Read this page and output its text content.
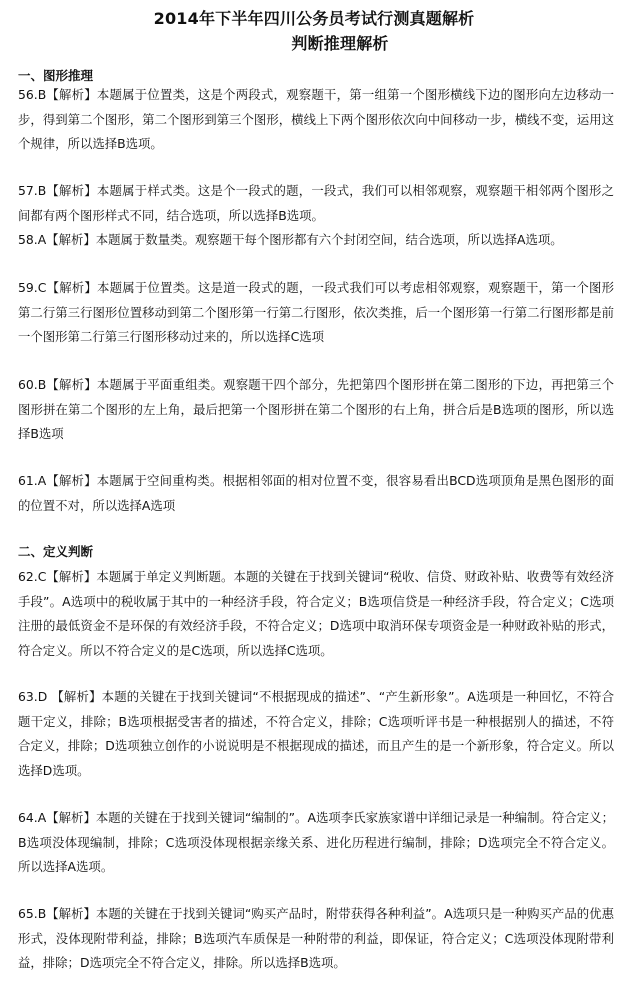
2014年下半年四川公务员考试行测真题解析
判断推理解析
一、图形推理

56.B【解析】本题属于位置类，这是个两段式，观察题干，第一组第一个图形横线下边的图形向左边移动一步，得到第二个图形，第二个图形到第三个图形，横线上下两个图形依次向中间移动一步，横线不变，运用这个规律，所以选择B选项。

57.B【解析】本题属于样式类。这是个一段式的题，一段式，我们可以相邻观察，观察题干相邻两个图形之间都有两个图形样式不同，结合选项，所以选择B选项。

58.A【解析】本题属于数量类。观察题干每个图形都有六个封闭空间，结合选项，所以选择A选项。

59.C【解析】本题属于位置类。这是道一段式的题，一段式我们可以考虑相邻观察，观察题干，第一个图形第二行第三行图形位置移动到第二个图形第一行第二行图形，依次类推，后一个图形第一行第二行图形都是前一个图形第二行第三行图形移动过来的，所以选择C选项

60.B【解析】本题属于平面重组类。观察题干四个部分，先把第四个图形拼在第二图形的下边，再把第三个图形拼在第二个图形的左上角，最后把第一个图形拼在第二个图形的右上角，拼合后是B选项的图形，所以选择B选项

61.A【解析】本题属于空间重构类。根据相邻面的相对位置不变，很容易看出BCD选项顶角是黑色图形的面的位置不对，所以选择A选项

二、定义判断

62.C【解析】本题属于单定义判断题。本题的关键在于找到关键词“税收、信贷、财政补贴、收费等有效经济手段”。A选项中的税收属于其中的一种经济手段，符合定义；B选项信贷是一种经济手段，符合定义；C选项注册的最低资金不是环保的有效经济手段，不符合定义；D选项中取消环保专项资金是一种财政补贴的形式，符合定义。所以不符合定义的是C选项，所以选择C选项。

63.D 【解析】本题的关键在于找到关键词“不根据现成的描述”、“产生新形象”。A选项是一种回忆，不符合题干定义，排除；B选项根据受害者的描述，不符合定义，排除；C选项听评书是一种根据别人的描述，不符合定义，排除；D选项独立创作的小说说明是不根据现成的描述，而且产生的是一个新形象，符合定义。所以选择D选项。

64.A【解析】本题的关键在于找到关键词“编制的”。A选项李氏家族家谱中详细记录是一种编制。符合定义；B选项没体现编制，排除；C选项没体现根据亲缘关系、进化历程进行编制，排除；D选项完全不符合定义。所以选择A选项。

65.B【解析】本题的关键在于找到关键词“购买产品时，附带获得各种利益”。A选项只是一种购买产品的优惠形式，没体现附带利益，排除；B选项汽车质保是一种附带的利益，即保证，符合定义；C选项没体现附带利益，排除；D选项完全不符合定义，排除。所以选择B选项。
